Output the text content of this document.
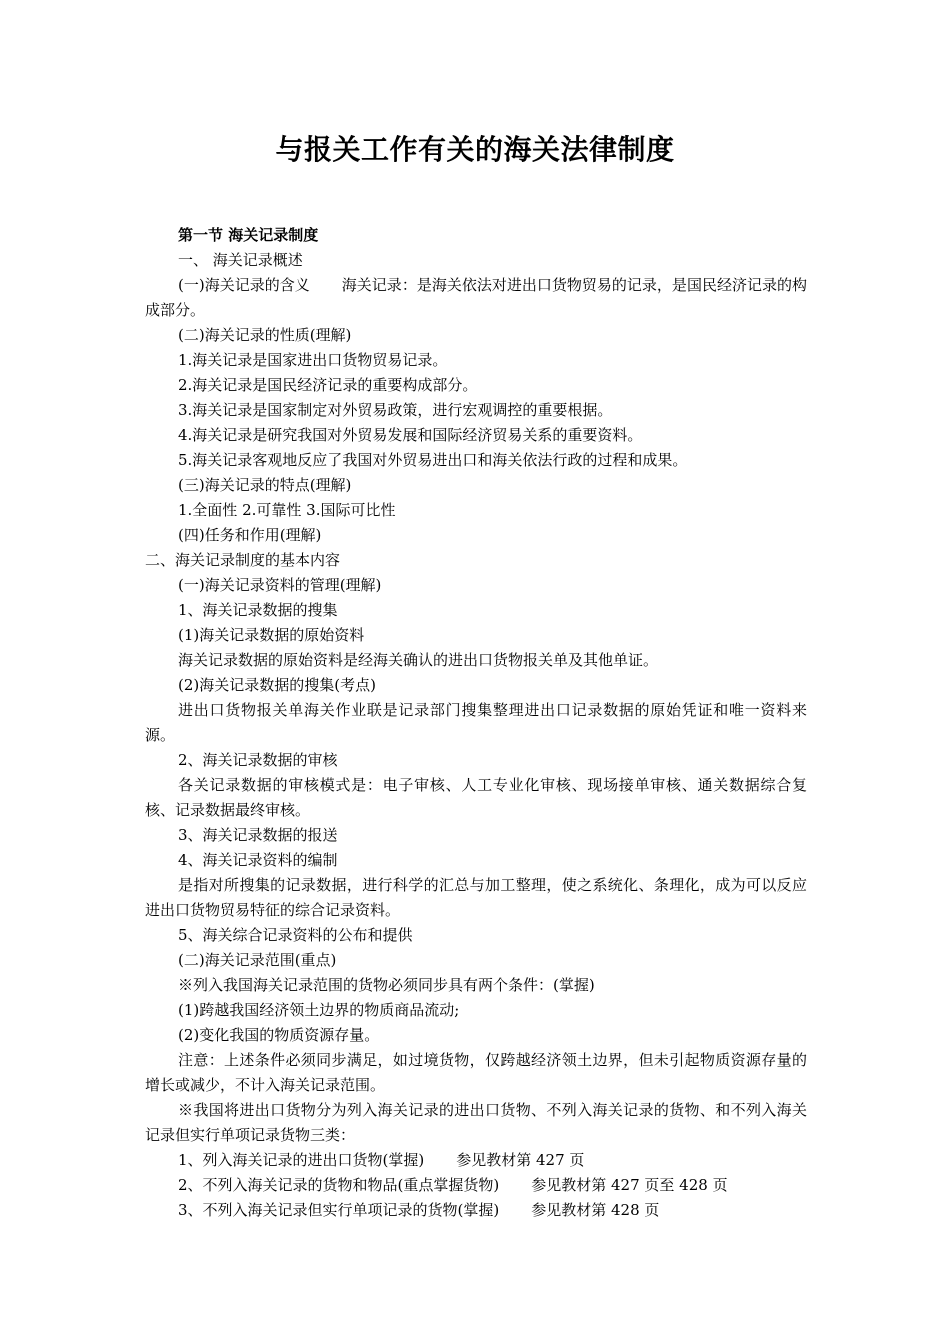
与报关工作有关的海关法律制度

第一节 海关记录制度

一、 海关记录概述

(一)海关记录的含义 海关记录：是海关依法对进出口货物贸易的记录，是国民经济记录的构成部分。

(二)海关记录的性质(理解)

1.海关记录是国家进出口货物贸易记录。

2.海关记录是国民经济记录的重要构成部分。

3.海关记录是国家制定对外贸易政策，进行宏观调控的重要根据。

4.海关记录是研究我国对外贸易发展和国际经济贸易关系的重要资料。

5.海关记录客观地反应了我国对外贸易进出口和海关依法行政的过程和成果。

(三)海关记录的特点(理解)

1.全面性 2.可靠性 3.国际可比性

(四)任务和作用(理解)

二、海关记录制度的基本内容

(一)海关记录资料的管理(理解)

1、海关记录数据的搜集

(1)海关记录数据的原始资料

海关记录数据的原始资料是经海关确认的进出口货物报关单及其他单证。

(2)海关记录数据的搜集(考点)

进出口货物报关单海关作业联是记录部门搜集整理进出口记录数据的原始凭证和唯一资料来源。

2、海关记录数据的审核

各关记录数据的审核模式是：电子审核、人工专业化审核、现场接单审核、通关数据综合复核、记录数据最终审核。

3、海关记录数据的报送

4、海关记录资料的编制

是指对所搜集的记录数据，进行科学的汇总与加工整理，使之系统化、条理化，成为可以反应进出口货物贸易特征的综合记录资料。

5、海关综合记录资料的公布和提供

(二)海关记录范围(重点)

※列入我国海关记录范围的货物必须同步具有两个条件：(掌握)

(1)跨越我国经济领土边界的物质商品流动;

(2)变化我国的物质资源存量。

注意：上述条件必须同步满足，如过境货物，仅跨越经济领土边界，但未引起物质资源存量的增长或减少，不计入海关记录范围。

※我国将进出口货物分为列入海关记录的进出口货物、不列入海关记录的货物、和不列入海关记录但实行单项记录货物三类：

1、列入海关记录的进出口货物(掌握) 参见教材第 427 页

2、不列入海关记录的货物和物品(重点掌握货物) 参见教材第 427 页至 428 页

3、不列入海关记录但实行单项记录的货物(掌握) 参见教材第 428 页
